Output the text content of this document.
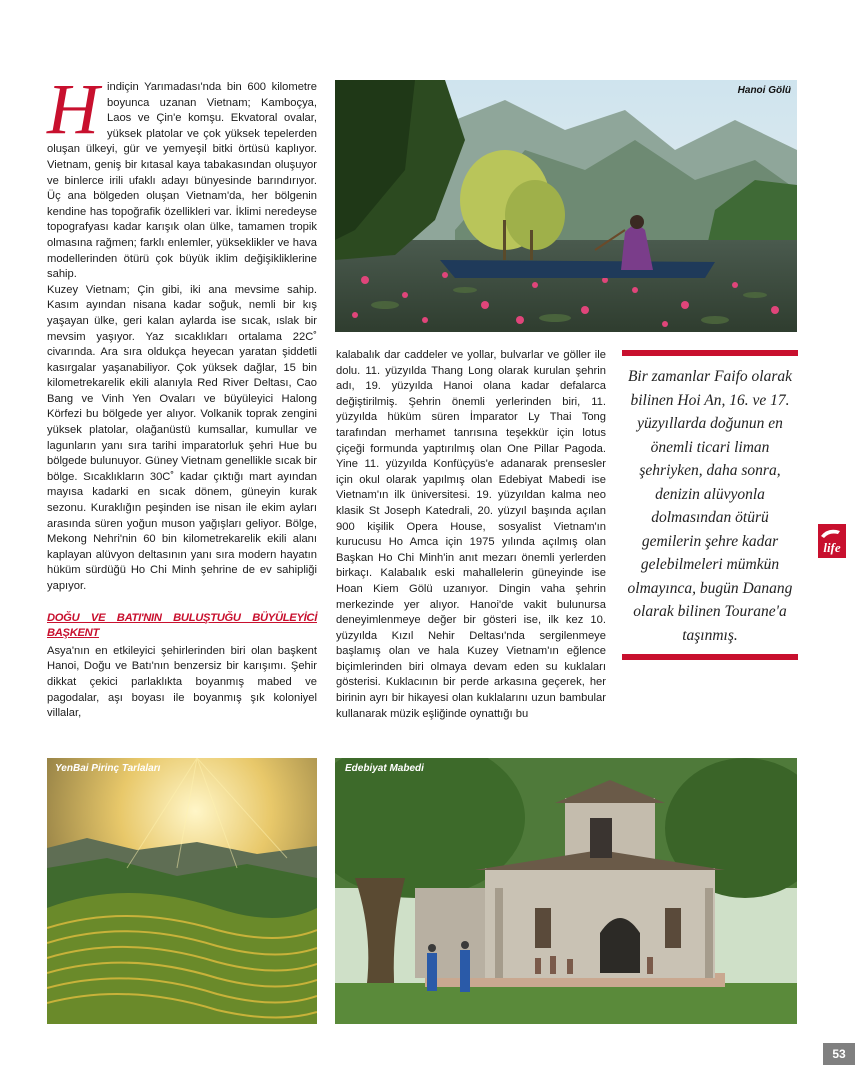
Hindiçin Yarımadası'nda bin 600 kilometre boyunca uzanan Vietnam; Kamboçya, Laos ve Çin'e komşu. Ekvatoral ovalar, yüksek platolar ve çok yüksek tepelerden oluşan ülkeyi, gür ve yemyeşil bitki örtüsü kaplıyor. Vietnam, geniş bir kıtasal kaya tabakasından oluşuyor ve binlerce irili ufaklı adayı bünyesinde barındırıyor. Üç ana bölgeden oluşan Vietnam'da, her bölgenin kendine has topoğrafik özellikleri var. İklimi neredeyse topografyası kadar karışık olan ülke, tamamen tropik olmasına rağmen; farklı enlemler, yükseklikler ve hava modellerinden ötürü çok büyük iklim değişikliklerine sahip.

Kuzey Vietnam; Çin gibi, iki ana mevsime sahip. Kasım ayından nisana kadar soğuk, nemli bir kış yaşayan ülke, geri kalan aylarda ise sıcak, ıslak bir mevsim yaşıyor. Yaz sıcaklıkları ortalama 22C˚ civarında. Ara sıra oldukça heyecan yaratan şiddetli kasırgalar yaşanabiliyor. Çok yüksek dağlar, 15 bin kilometrekarelik ekili alanıyla Red River Deltası, Cao Bang ve Vinh Yen Ovaları ve büyüleyici Halong Körfezi bu bölgede yer alıyor. Volkanik toprak zengini yüksek platolar, olağanüstü kumsallar, kumullar ve lagunların yanı sıra tarihi imparatorluk şehri Hue bu bölgede bulunuyor. Güney Vietnam genellikle sıcak bir bölge. Sıcaklıkların 30C˚ kadar çıktığı mart ayından mayısa kadarki en sıcak dönem, güneyin kurak sezonu. Kuraklığın peşinden ise nisan ile ekim ayları arasında süren yoğun muson yağışları geliyor. Bölge, Mekong Nehri'nin 60 bin kilometrekarelik ekili alanı kaplayan alüvyon deltasının yanı sıra modern hayatın hüküm sürdüğü Ho Chi Minh şehrine de ev sahipliği yapıyor.

DOĞU VE BATI'NIN BULUŞTUĞU BÜYÜLEYİCİ BAŞKENT

Asya'nın en etkileyici şehirlerinden biri olan başkent Hanoi, Doğu ve Batı'nın benzersiz bir karışımı. Şehir dikkat çekici parlaklıkta boyanmış mabed ve pagodalar, aşı boyası ile boyanmış şık koloniyel villalar,

kalabalık dar caddeler ve yollar, bulvarlar ve göller ile dolu. 11. yüzyılda Thang Long olarak kurulan şehrin adı, 19. yüzyılda Hanoi olana kadar defalarca değiştirilmiş. Şehrin önemli yerlerinden biri, 11. yüzyılda hüküm süren İmparator Ly Thai Tong tarafından merhamet tanrısına teşekkür için lotus çiçeği formunda yaptırılmış olan One Pillar Pagoda. Yine 11. yüzyılda Konfüçyüs'e adanarak prensesler için okul olarak yapılmış olan Edebiyat Mabedi ise Vietnam'ın ilk üniversitesi. 19. yüzyıldan kalma neo klasik St Joseph Katedrali, 20. yüzyıl başında açılan 900 kişilik Opera House, sosyalist Vietnam'ın kurucusu Ho Amca için 1975 yılında açılmış olan Başkan Ho Chi Minh'in anıt mezarı önemli yerlerden birkaçı. Kalabalık eski mahallelerin güneyinde ise Hoan Kiem Gölü uzanıyor. Dingin vaha şehrin merkezinde yer alıyor. Hanoi'de vakit bulunursa deneyimlenmeye değer bir gösteri ise, ilk kez 10. yüzyılda Kızıl Nehir Deltası'nda sergilenmeye başlamış olan ve hala Kuzey Vietnam'ın eğlence biçimlerinden biri olmaya devam eden su kuklaları gösterisi. Kuklacının bir perde arkasına geçerek, her birinin ayrı bir hikayesi olan kuklalarını uzun bambular kullanarak müzik eşliğinde oynattığı bu

Hanoi Gölü
Bir zamanlar Faifo olarak bilinen Hoi An, 16. ve 17. yüzyıllarda doğunun en önemli ticari liman şehriyken, daha sonra, denizin alüvyonla dolmasından ötürü gemilerin şehre kadar gelebilmeleri mümkün olmayınca, bugün Danang olarak bilinen Tourane'a taşınmış.
life
YenBai Pirinç Tarlaları	Edebiyat Mabedi
53
